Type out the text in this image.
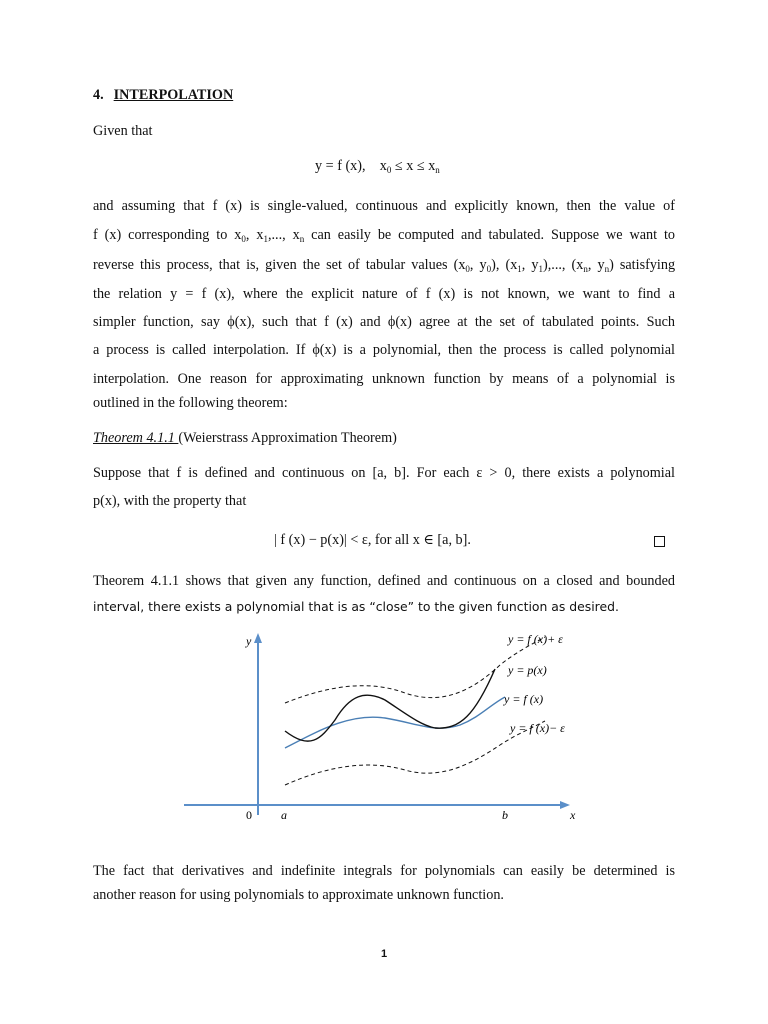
4. INTERPOLATION
Given that
y = f (x), $x_0 \le x \le x_n$
and assuming that f (x) is single-valued, continuous and explicitly known, then the value of
f (x) corresponding to $x_0$, $x_1$,..., $x_n$ can easily be computed and tabulated. Suppose we want to
reverse this process, that is, given the set of tabular values ($x_0$, $y_0$), ($x_1$, $y_1$),..., ($x_n$, $y_n$) satisfying
the relation y = f (x), where the explicit nature of f (x) is not known, we want to find a
simpler function, say ϕ(x), such that f (x) and ϕ(x) agree at the set of tabulated points. Such
a process is called interpolation. If ϕ(x) is a polynomial, then the process is called polynomial
interpolation. One reason for approximating unknown function by means of a polynomial is
outlined in the following theorem:
Theorem 4.1.1 (Weierstrass Approximation Theorem)
Suppose that f is defined and continuous on [a, b]. For each ε > 0, there exists a polynomial
p(x), with the property that
| f (x) − p(x)| < ε, for all x ∈ [a, b].
Theorem 4.1.1 shows that given any function, defined and continuous on a closed and bounded
interval, there exists a polynomial that is as “close” to the given function as desired.
y
0 a	b	x
y = f (x)+ ε
y = p(x)
y = f (x)
y = f (x)− ε
The fact that derivatives and indefinite integrals for polynomials can easily be determined is
another reason for using polynomials to approximate unknown function.
1
